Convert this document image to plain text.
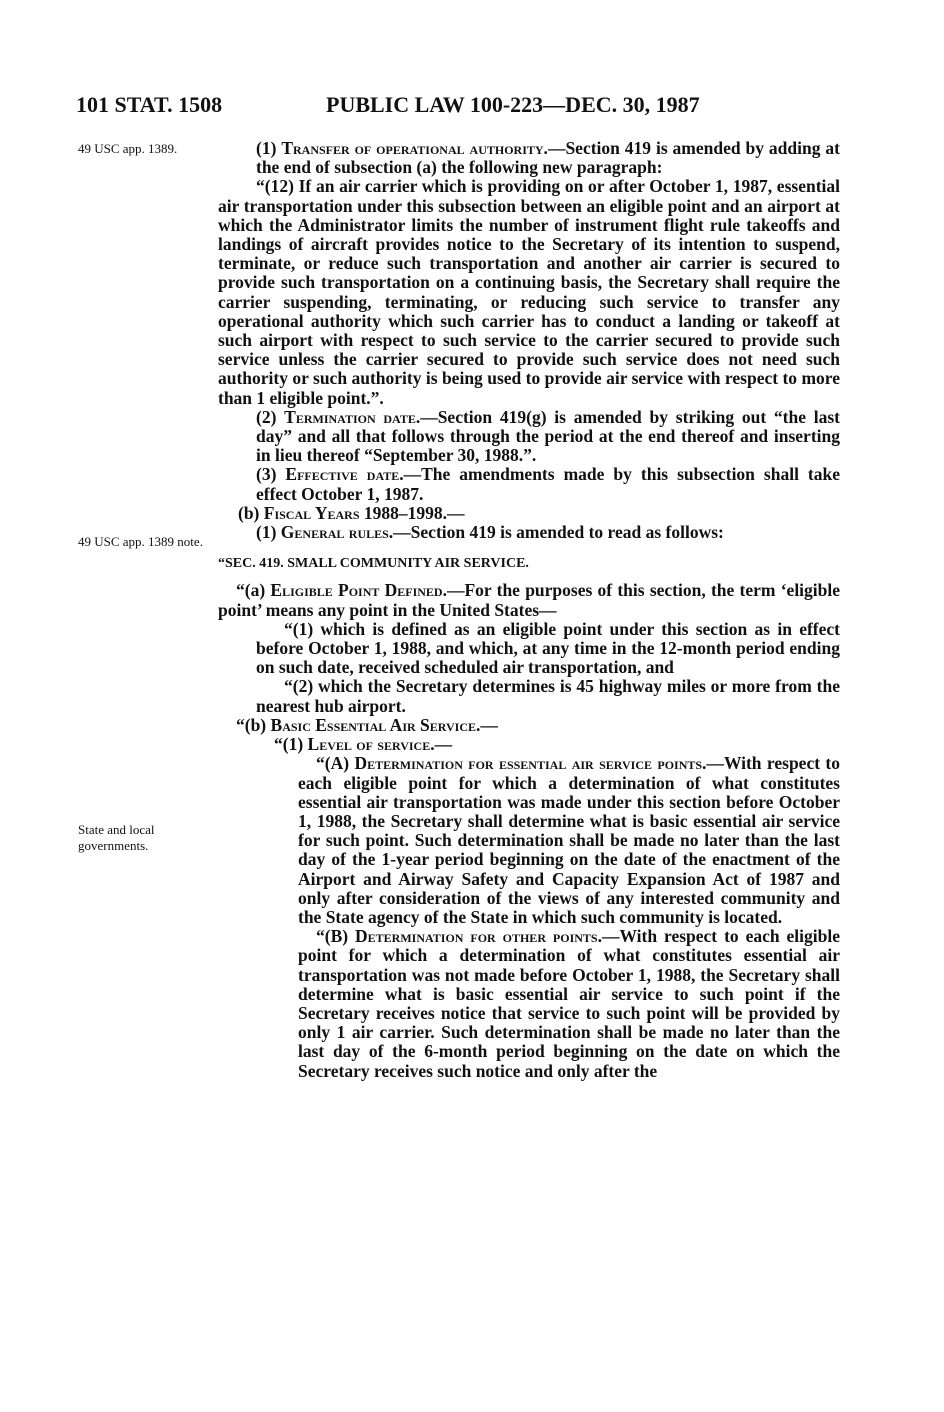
101 STAT. 1508	PUBLIC LAW 100-223—DEC. 30, 1987
49 USC app. 1389.
49 USC app. 1389 note.
State and local governments.

(1) Transfer of operational authority.—Section 419 is amended by adding at the end of subsection (a) the following new paragraph:

“(12) If an air carrier which is providing on or after October 1, 1987, essential air transportation under this subsection between an eligible point and an airport at which the Administrator limits the number of instrument flight rule takeoffs and landings of aircraft provides notice to the Secretary of its intention to suspend, terminate, or reduce such transportation and another air carrier is secured to provide such transportation on a continuing basis, the Secretary shall require the carrier suspending, terminating, or reducing such service to transfer any operational authority which such carrier has to conduct a landing or takeoff at such airport with respect to such service to the carrier secured to provide such service unless the carrier secured to provide such service does not need such authority or such authority is being used to provide air service with respect to more than 1 eligible point.”.

(2) Termination date.—Section 419(g) is amended by striking out “the last day” and all that follows through the period at the end thereof and inserting in lieu thereof “September 30, 1988.”.

(3) Effective date.—The amendments made by this subsection shall take effect October 1, 1987.

(b) Fiscal Years 1988–1998.—

(1) General rules.—Section 419 is amended to read as follows:

“SEC. 419. SMALL COMMUNITY AIR SERVICE.

“(a) Eligible Point Defined.—For the purposes of this section, the term ‘eligible point’ means any point in the United States—

“(1) which is defined as an eligible point under this section as in effect before October 1, 1988, and which, at any time in the 12-month period ending on such date, received scheduled air transportation, and

“(2) which the Secretary determines is 45 highway miles or more from the nearest hub airport.

“(b) Basic Essential Air Service.—

“(1) Level of service.—

“(A) Determination for essential air service points.—With respect to each eligible point for which a determination of what constitutes essential air transportation was made under this section before October 1, 1988, the Secretary shall determine what is basic essential air service for such point. Such determination shall be made no later than the last day of the 1-year period beginning on the date of the enactment of the Airport and Airway Safety and Capacity Expansion Act of 1987 and only after consideration of the views of any interested community and the State agency of the State in which such community is located.

“(B) Determination for other points.—With respect to each eligible point for which a determination of what constitutes essential air transportation was not made before October 1, 1988, the Secretary shall determine what is basic essential air service to such point if the Secretary receives notice that service to such point will be provided by only 1 air carrier. Such determination shall be made no later than the last day of the 6-month period beginning on the date on which the Secretary receives such notice and only after the
